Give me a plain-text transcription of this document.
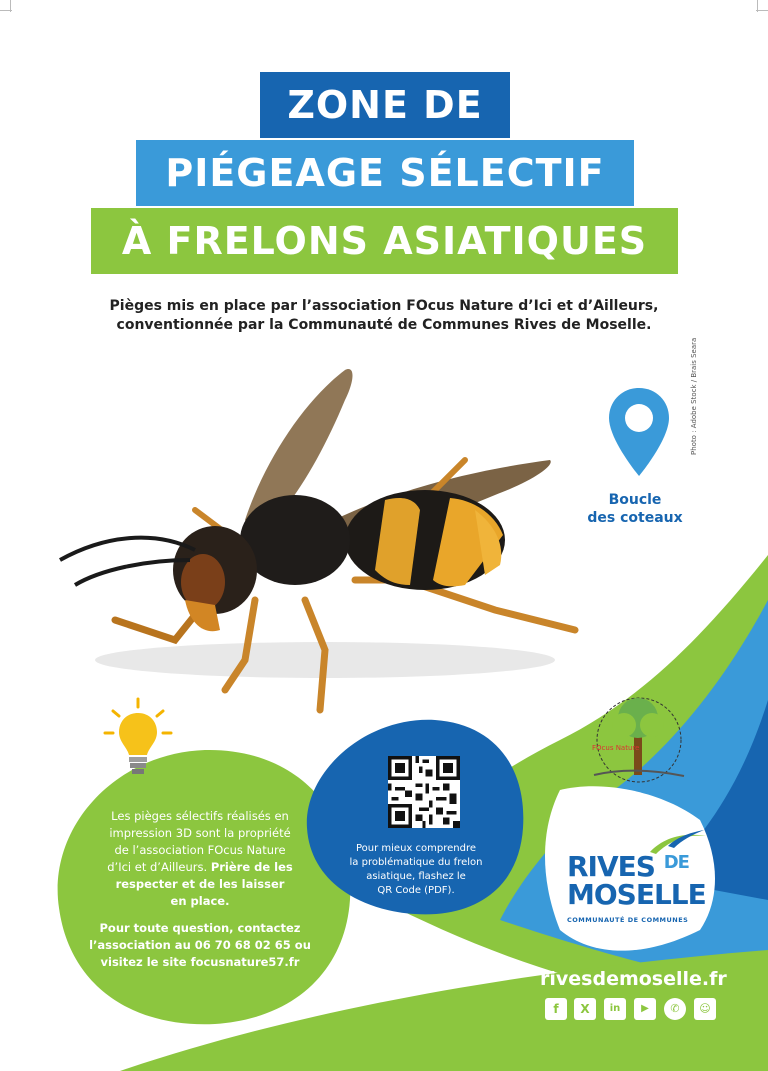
ZONE DE
PIÉGEAGE SÉLECTIF
À FRELONS ASIATIQUES
Pièges mis en place par l’association FOcus Nature d’Ici et d’Ailleurs,
conventionnée par la Communauté de Communes Rives de Moselle.
Photo : Adobe Stock / Brais Seara
Boucle
des coteaux
FOcus Nature
Les pièges sélectifs réalisés en
impression 3D sont la propriété
de l’association FOcus Nature
d’Ici et d’Ailleurs. Prière de les
respecter et de les laisser
en place.
Pour toute question, contactez
l’association au 06 70 68 02 65 ou
visitez le site focusnature57.fr
Pour mieux comprendre
la problématique du frelon
asiatique, flashez le
QR Code (PDF).
RIVES $^{DE}$
MOSELLE
COMMUNAUTÉ DE COMMUNES
rivesdemoselle.fr
f	X	in	▶	✆	☺
